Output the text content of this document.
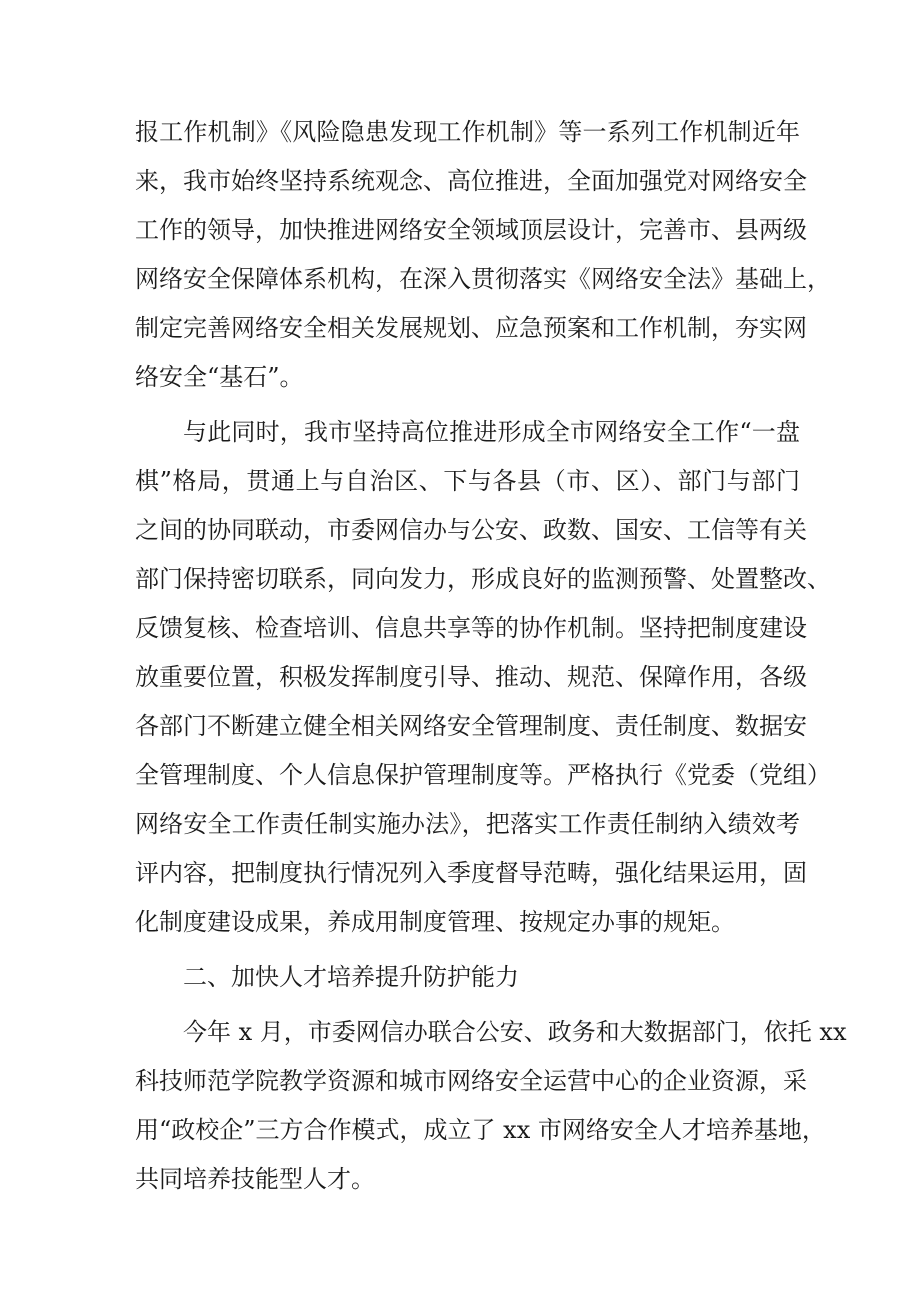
报工作机制》《风险隐患发现工作机制》等一系列工作机制近年
来，我市始终坚持系统观念、高位推进，全面加强党对网络安全
工作的领导，加快推进网络安全领域顶层设计，完善市、县两级
网络安全保障体系机构，在深入贯彻落实《网络安全法》基础上，
制定完善网络安全相关发展规划、应急预案和工作机制，夯实网
络安全“基石”。
与此同时，我市坚持高位推进形成全市网络安全工作“一盘
棋”格局，贯通上与自治区、下与各县（市、区）、部门与部门
之间的协同联动，市委网信办与公安、政数、国安、工信等有关
部门保持密切联系，同向发力，形成良好的监测预警、处置整改、
反馈复核、检查培训、信息共享等的协作机制。坚持把制度建设
放重要位置，积极发挥制度引导、推动、规范、保障作用，各级
各部门不断建立健全相关网络安全管理制度、责任制度、数据安
全管理制度、个人信息保护管理制度等。严格执行《党委（党组）
网络安全工作责任制实施办法》，把落实工作责任制纳入绩效考
评内容，把制度执行情况列入季度督导范畴，强化结果运用，固
化制度建设成果，养成用制度管理、按规定办事的规矩。
二、加快人才培养提升防护能力
今年 x 月，市委网信办联合公安、政务和大数据部门，依托 xx
科技师范学院教学资源和城市网络安全运营中心的企业资源，采
用“政校企”三方合作模式，成立了 xx 市网络安全人才培养基地，
共同培养技能型人才。
